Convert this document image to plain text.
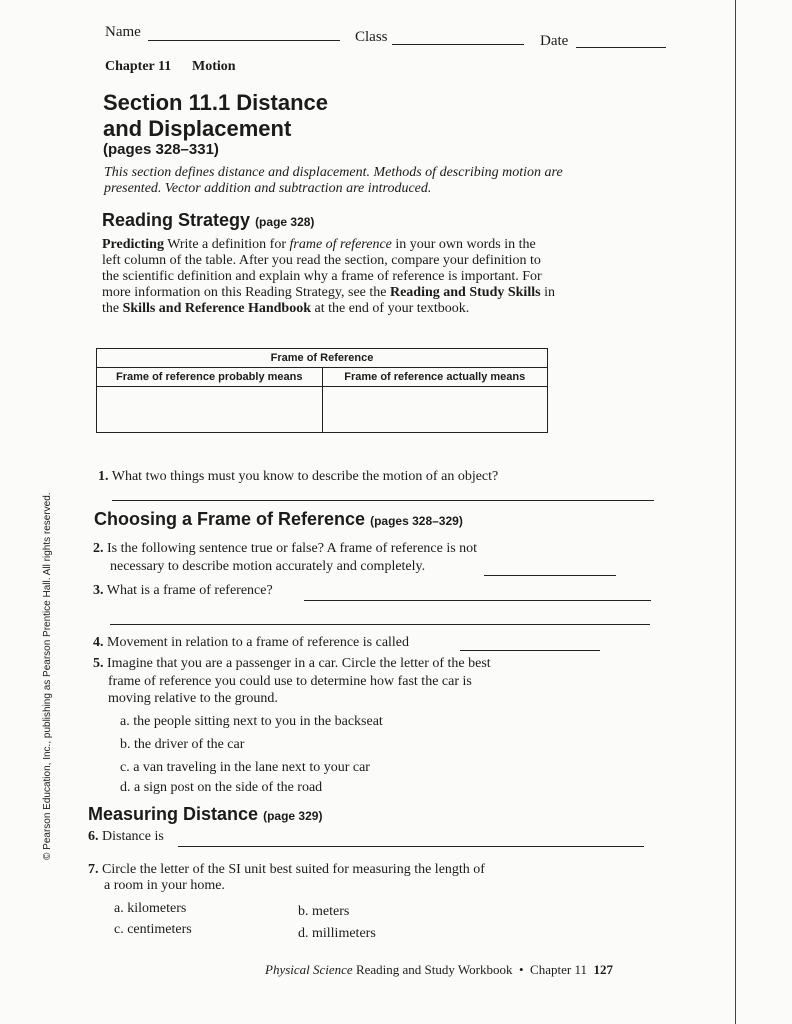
Name	Class	Date
Chapter 11 Motion
Section 11.1 Distance
and Displacement
(pages 328–331)
This section defines distance and displacement. Methods of describing motion are presented. Vector addition and subtraction are introduced.
Reading Strategy (page 328)
Predicting Write a definition for frame of reference in your own words in the left column of the table. After you read the section, compare your definition to the scientific definition and explain why a frame of reference is important. For more information on this Reading Strategy, see the Reading and Study Skills in the Skills and Reference Handbook at the end of your textbook.
Frame of Reference	
Frame of reference probably means	Frame of reference actually means

1. What two things must you know to describe the motion of an object?
Choosing a Frame of Reference (pages 328–329)
2. Is the following sentence true or false? A frame of reference is not
necessary to describe motion accurately and completely.
3. What is a frame of reference?
4. Movement in relation to a frame of reference is called
5. Imagine that you are a passenger in a car. Circle the letter of the best
frame of reference you could use to determine how fast the car is
moving relative to the ground.
a. the people sitting next to you in the backseat
b. the driver of the car
c. a van traveling in the lane next to your car
d. a sign post on the side of the road
Measuring Distance (page 329)
6. Distance is
7. Circle the letter of the SI unit best suited for measuring the length of
a room in your home.
a. kilometers	b. meters
c. centimeters	d. millimeters
Physical Science Reading and Study Workbook • Chapter 11 127
© Pearson Education, Inc., publishing as Pearson Prentice Hall. All rights reserved.
